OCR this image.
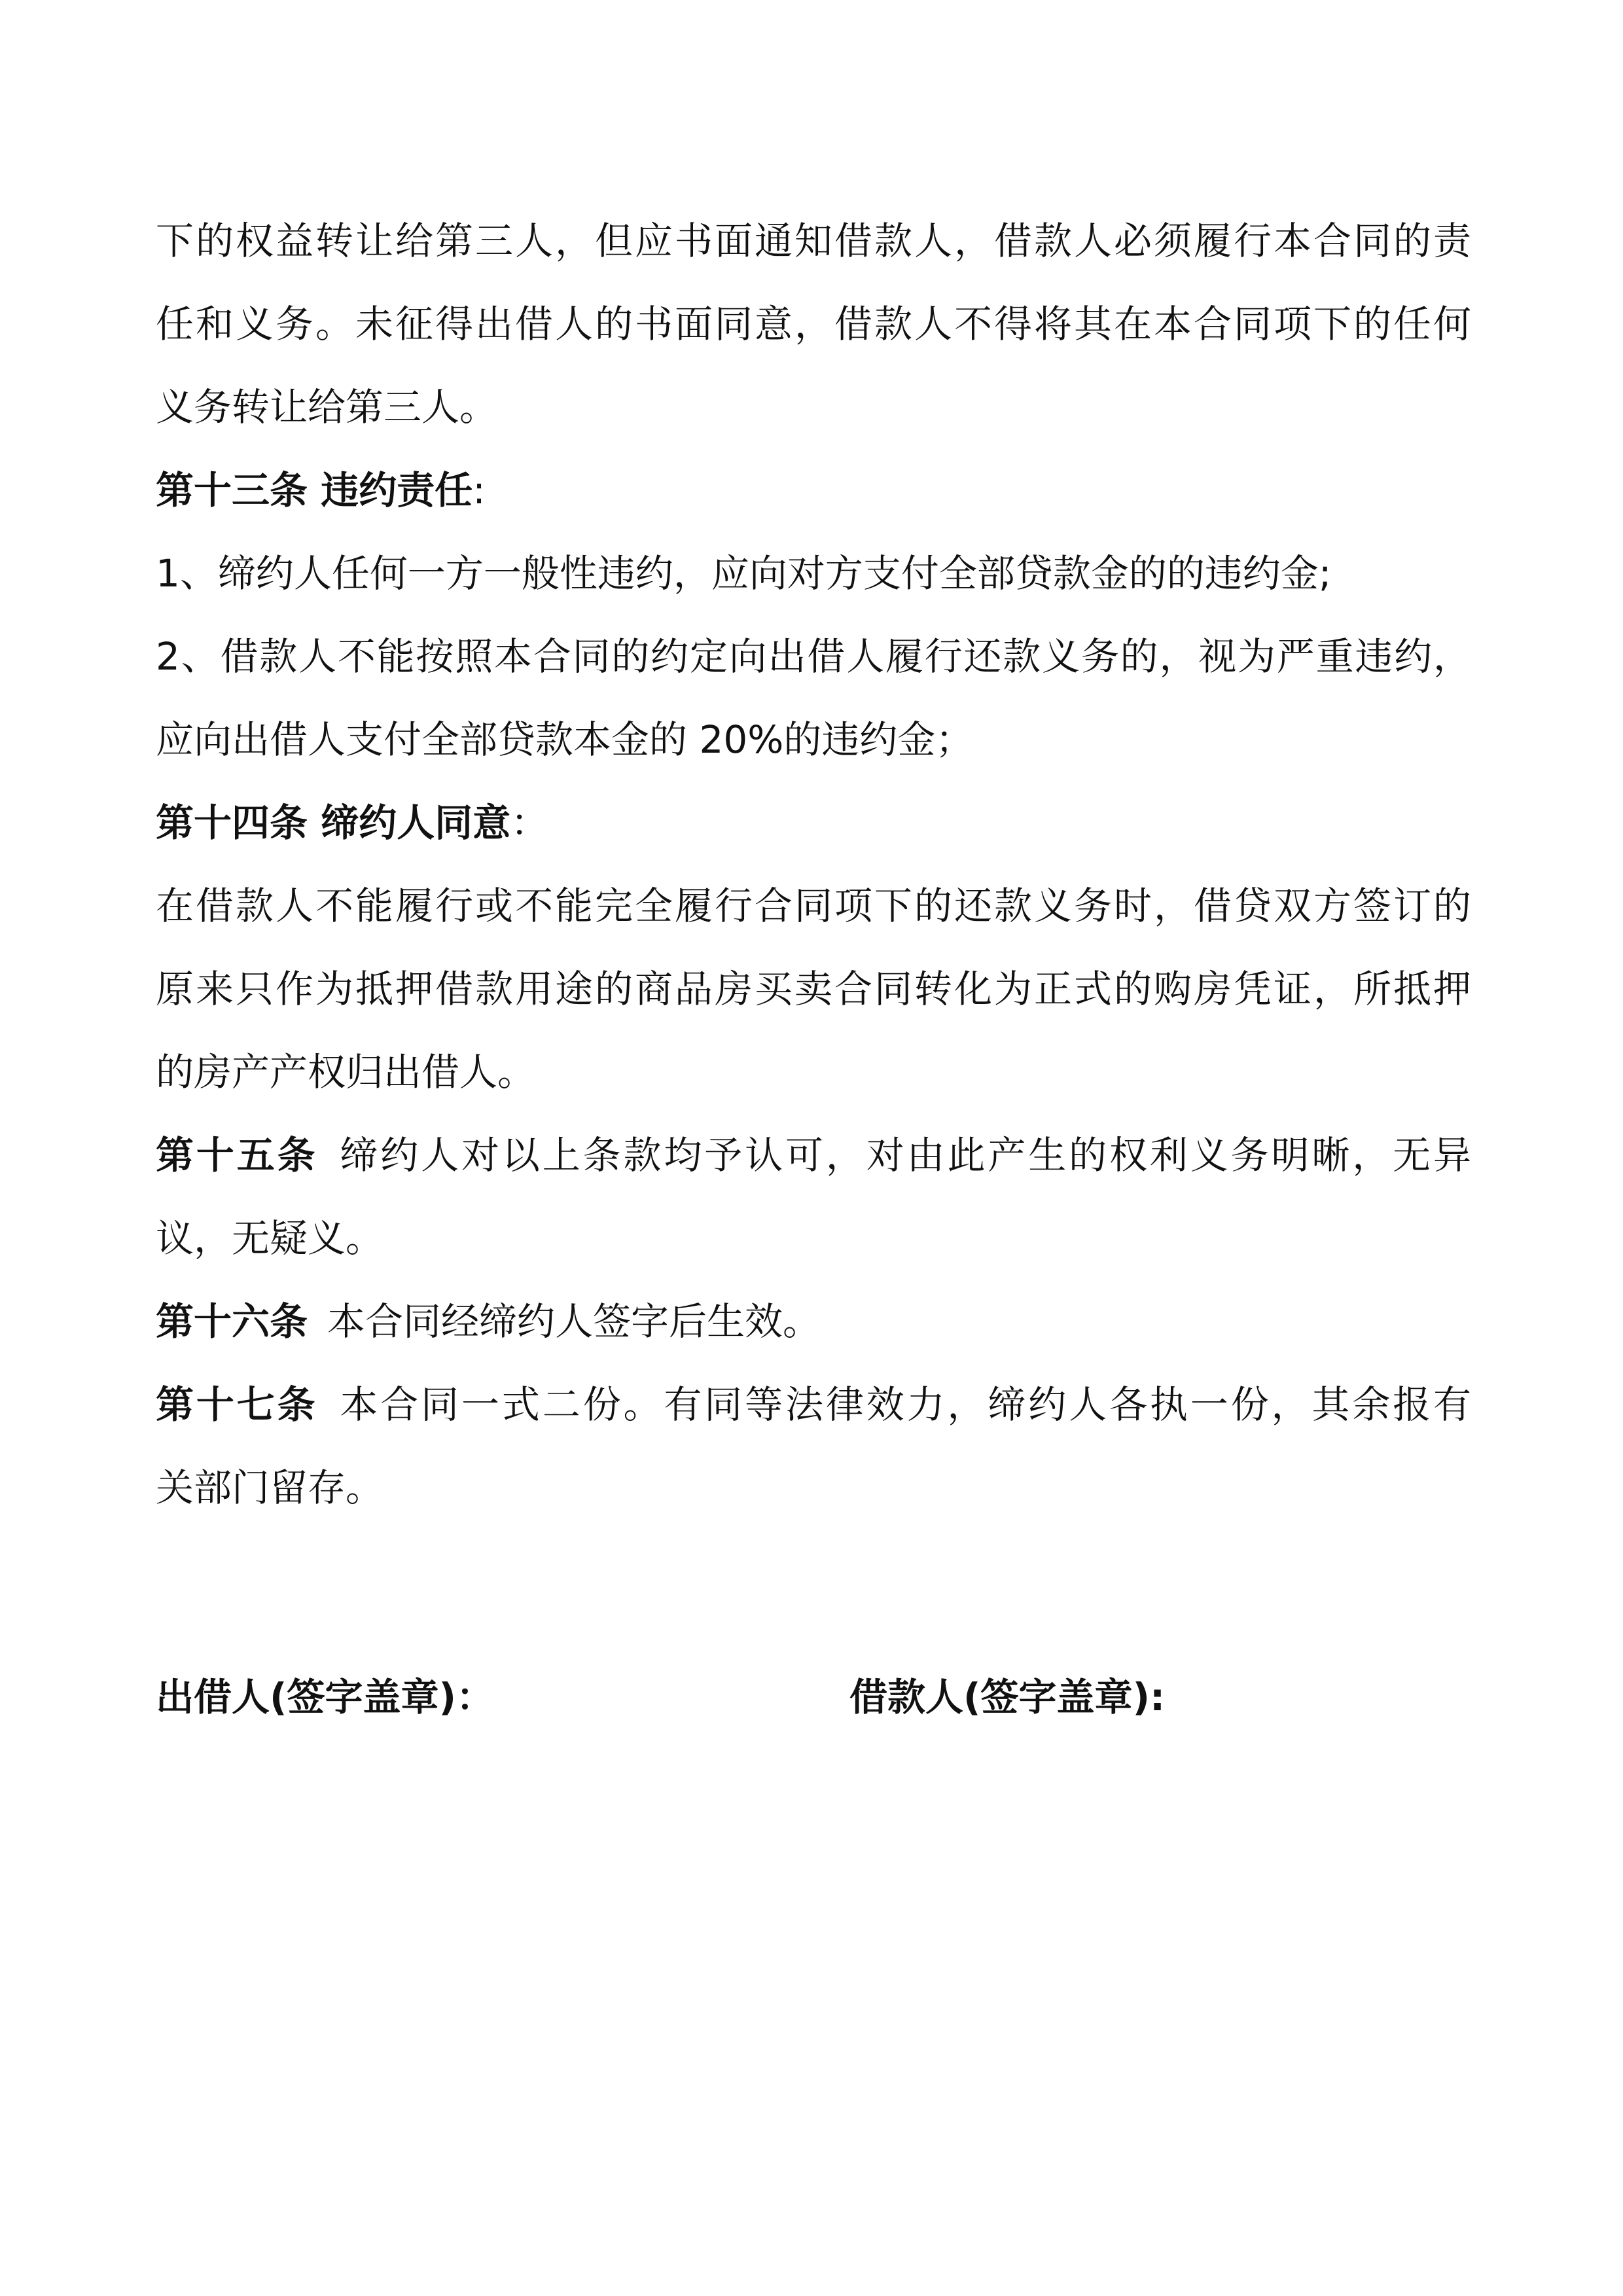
下的权益转让给第三人，但应书面通知借款人，借款人必须履行本合同的责
任和义务。未征得出借人的书面同意，借款人不得将其在本合同项下的任何
义务转让给第三人。
第十三条 违约责任:
1、缔约人任何一方一般性违约，应向对方支付全部贷款金的的违约金;
2、借款人不能按照本合同的约定向出借人履行还款义务的，视为严重违约，
应向出借人支付全部贷款本金的 20%的违约金；
第十四条 缔约人同意：
在借款人不能履行或不能完全履行合同项下的还款义务时，借贷双方签订的
原来只作为抵押借款用途的商品房买卖合同转化为正式的购房凭证，所抵押
的房产产权归出借人。
第十五条 缔约人对以上条款均予认可，对由此产生的权利义务明晰，无异
议，无疑义。
第十六条 本合同经缔约人签字后生效。
第十七条 本合同一式二份。有同等法律效力，缔约人各执一份，其余报有
关部门留存。
出借人(签字盖章)：	借款人(签字盖章):
